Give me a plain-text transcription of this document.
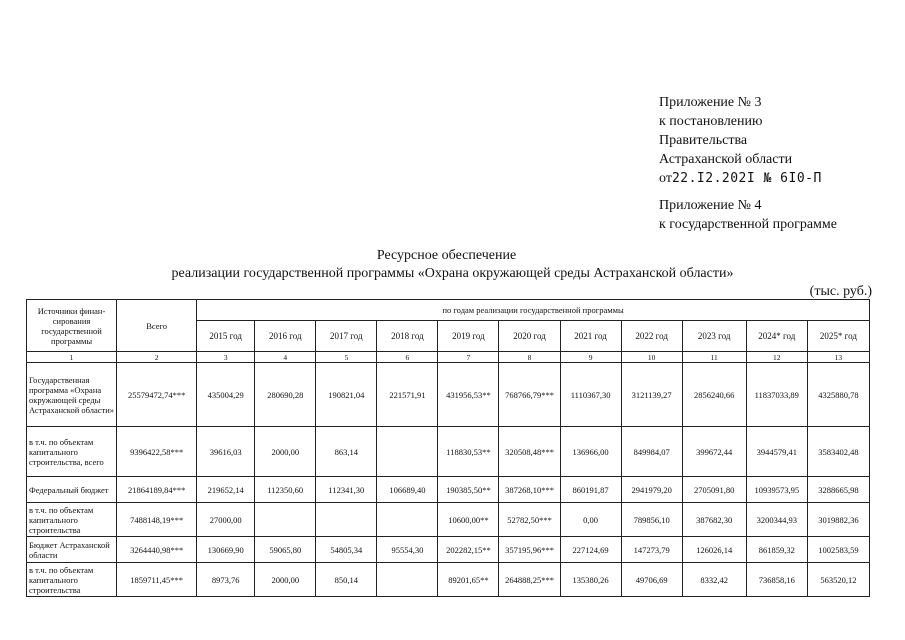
Приложение № 3
к постановлению
Правительства
Астраханской области
от22.I2.202I № 6I0-П
Приложение № 4
к государственной программе
Ресурсное обеспечение
реализации государственной программы «Охрана окружающей среды Астраханской области»
(тыс. руб.)
Источники финан-сирования государственной программы	Всего	по годам реализации государственной программы										
		2015 год	2016 год	2017 год	2018 год	2019 год	2020 год	2021 год	2022 год	2023 год	2024* год	2025* год
1	2	3	4	5	6	7	8	9	10	11	12	13
Государственная программа «Охрана окружающей среды Астраханской области»	25579472,74***	435004,29	280690,28	190821,04	221571,91	431956,53**	768766,79***	1110367,30	3121139,27	2856240,66	11837033,89	4325880,78
в т.ч. по объектам капитального строительства, всего	9396422,58***	39616,03	2000,00	863,14		118830,53**	320508,48***	136966,00	849984,07	399672,44	3944579,41	3583402,48
Федеральный бюджет	21864189,84***	219652,14	112350,60	112341,30	106689,40	190385,50**	387268,10***	860191,87	2941979,20	2705091,80	10939573,95	3288665,98
в т.ч. по объектам капитального строительства	7488148,19***	27000,00				10600,00**	52782,50***	0,00	789856,10	387682,30	3200344,93	3019882,36
Бюджет Астраханской области	3264440,98***	130669,90	59065,80	54805,34	95554,30	202282,15**	357195,96***	227124,69	147273,79	126026,14	861859,32	1002583,59
в т.ч. по объектам капитального строительства	1859711,45***	8973,76	2000,00	850,14		89201,65**	264888,25***	135380,26	49706,69	8332,42	736858,16	563520,12
